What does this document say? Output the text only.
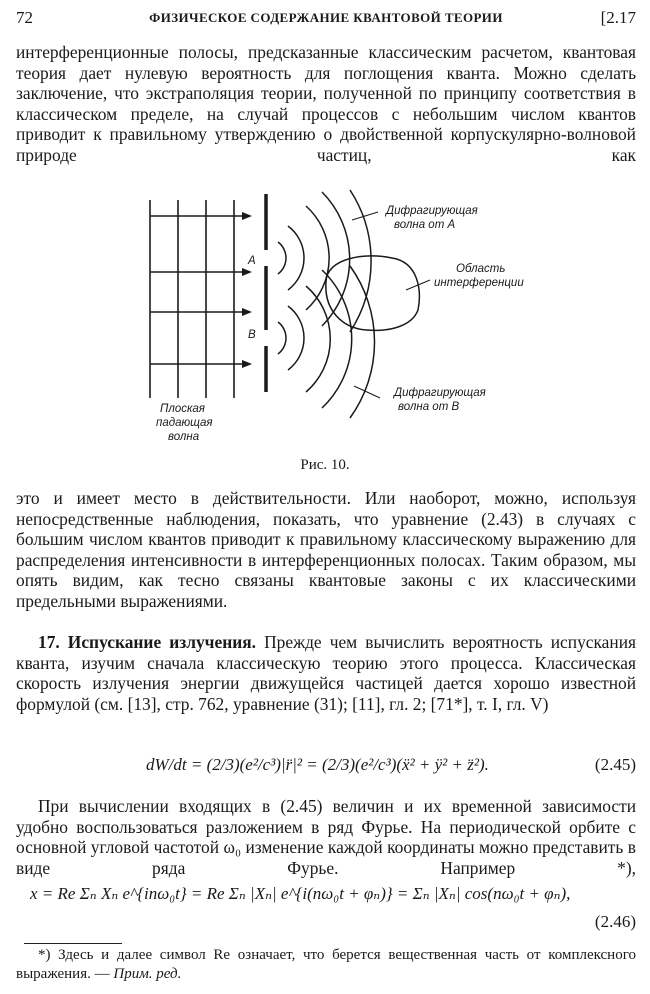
72	ФИЗИЧЕСКОЕ СОДЕРЖАНИЕ КВАНТОВОЙ ТЕОРИИ	[2.17

интерференционные полосы, предсказанные классическим расчетом, квантовая теория дает нулевую вероятность для поглощения кванта. Можно сделать заключение, что экстраполяция теории, полученной по принципу соответствия в классическом пределе, на случай процессов с небольшим числом квантов приводит к правильному утверждению о двойственной корпускулярно-волновой природе частиц, как

A
B
Дифрагирующая
волна от A
Область
интерференции
Дифрагирующая
волна от B
Плоская
падающая
волна
Рис. 10.

это и имеет место в действительности. Или наоборот, можно, используя непосредственные наблюдения, показать, что уравнение (2.43) в случаях с большим числом квантов приводит к правильному классическому выражению для распределения интенсивности в интерференционных полосах. Таким образом, мы опять видим, как тесно связаны квантовые законы с их классическими предельными выражениями.

17. Испускание излучения. Прежде чем вычислить вероятность испускания кванта, изучим сначала классическую теорию этого процесса. Классическая скорость излучения энергии движущейся частицей дается хорошо известной формулой (см. [13], стр. 762, уравнение (31); [11], гл. 2; [71*], т. I, гл. V)

dW/dt = (2/3)(e²/c³)|r̈|² = (2/3)(e²/c³)(ẍ² + ÿ² + z̈²).	(2.45)

При вычислении входящих в (2.45) величин и их временной зависимости удобно воспользоваться разложением в ряд Фурье. На периодической орбите с основной угловой частотой ω₀ изменение каждой координаты можно представить в виде ряда Фурье. Например *),

x = Re Σₙ Xₙ e^{inω₀t} = Re Σₙ |Xₙ| e^{i(nω₀t + φₙ)} = Σₙ |Xₙ| cos(nω₀t + φₙ),
(2.46)

*) Здесь и далее символ Re означает, что берется вещественная часть от комплексного выражения. — Прим. ред.
